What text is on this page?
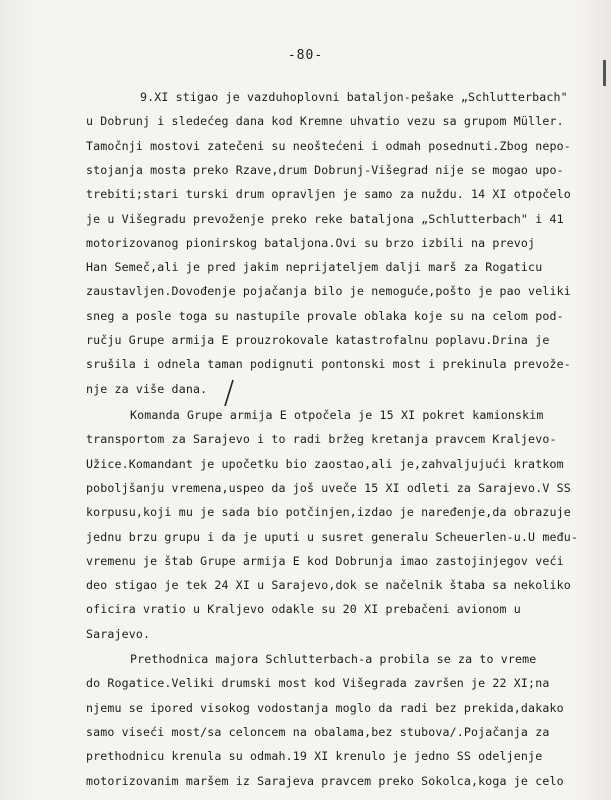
-80-
9.XI stigao je vazduhoplovni bataljon-pešake „Schlutterbach"
u Dobrunj i sledećeg dana kod Kremne uhvatio vezu sa grupom Müller.
Tamočnji mostovi zatečeni su neoštećeni i odmah posednuti.Zbog nepo-
stojanja mosta preko Rzave,drum Dobrunj-Višegrad nije se mogao upo-
trebiti;stari turski drum opravljen je samo za nuždu. 14 XI otpočelo
je u Višegradu prevoženje preko reke bataljona „Schlutterbach" i 41
motorizovanog pionirskog bataljona.Ovi su brzo izbili na prevoj
Han Semeč,ali je pred jakim neprijateljem dalji marš za Rogaticu
zaustavljen.Dovođenje pojačanja bilo je nemoguće,pošto je pao veliki
sneg a posle toga su nastupile provale oblaka koje su na celom pod-
ručju Grupe armija E prouzrokovale katastrofalnu poplavu.Drina je
srušila i odnela taman podignuti pontonski most i prekinula prevože-
nje za više dana.
Komanda Grupe armija E otpočela je 15 XI pokret kamionskim
transportom za Sarajevo i to radi bržeg kretanja pravcem Kraljevo-
Užice.Komandant je upočetku bio zaostao,ali je,zahvaljujući kratkom
poboljšanju vremena,uspeo da još uveče 15 XI odleti za Sarajevo.V SS
korpusu,koji mu je sada bio potčinjen,izdao je naređenje,da obrazuje
jednu brzu grupu i da je uputi u susret generalu Scheuerlen-u.U među-
vremenu je štab Grupe armija E kod Dobrunja imao zastojinjegov veći
deo stigao je tek 24 XI u Sarajevo,dok se načelnik štaba sa nekoliko
oficira vratio u Kraljevo odakle su 20 XI prebačeni avionom u
Sarajevo.
Prethodnica majora Schlutterbach-a probila se za to vreme
do Rogatice.Veliki drumski most kod Višegrada završen je 22 XI;na
njemu se ipored visokog vodostanja moglo da radi bez prekida,dakako
samo viseći most/sa celoncem na obalama,bez stubova/.Pojačanja za
prethodnicu krenula su odmah.19 XI krenulo je jedno SS odeljenje
motorizovanim maršem iz Sarajeva pravcem preko Sokolca,koga je celo
